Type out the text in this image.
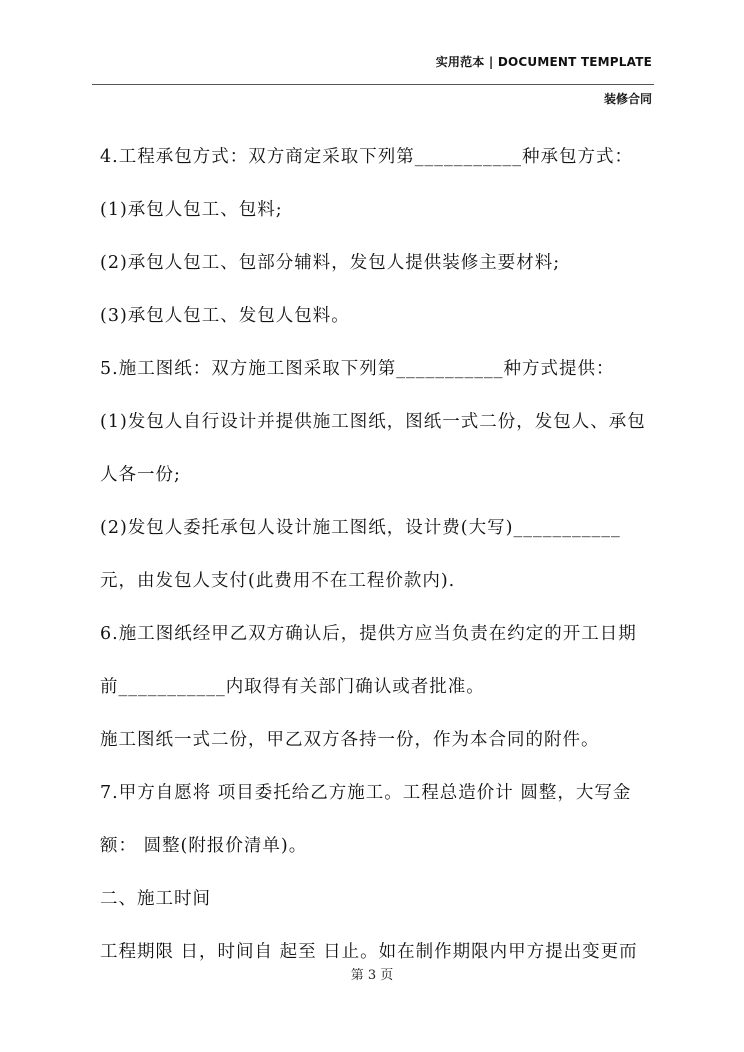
实用范本 | DOCUMENT TEMPLATE
装修合同
4.工程承包方式：双方商定采取下列第___________种承包方式：
(1)承包人包工、包料;
(2)承包人包工、包部分辅料，发包人提供装修主要材料;
(3)承包人包工、发包人包料。
5.施工图纸：双方施工图采取下列第___________种方式提供：
(1)发包人自行设计并提供施工图纸，图纸一式二份，发包人、承包
人各一份;
(2)发包人委托承包人设计施工图纸，设计费(大写)___________
元，由发包人支付(此费用不在工程价款内).
6.施工图纸经甲乙双方确认后，提供方应当负责在约定的开工日期
前___________内取得有关部门确认或者批准。
施工图纸一式二份，甲乙双方各持一份，作为本合同的附件。
7.甲方自愿将 项目委托给乙方施工。工程总造价计 圆整，大写金
额： 圆整(附报价清单)。
二、施工时间
工程期限 日，时间自 起至 日止。如在制作期限内甲方提出变更而
第 3 页
